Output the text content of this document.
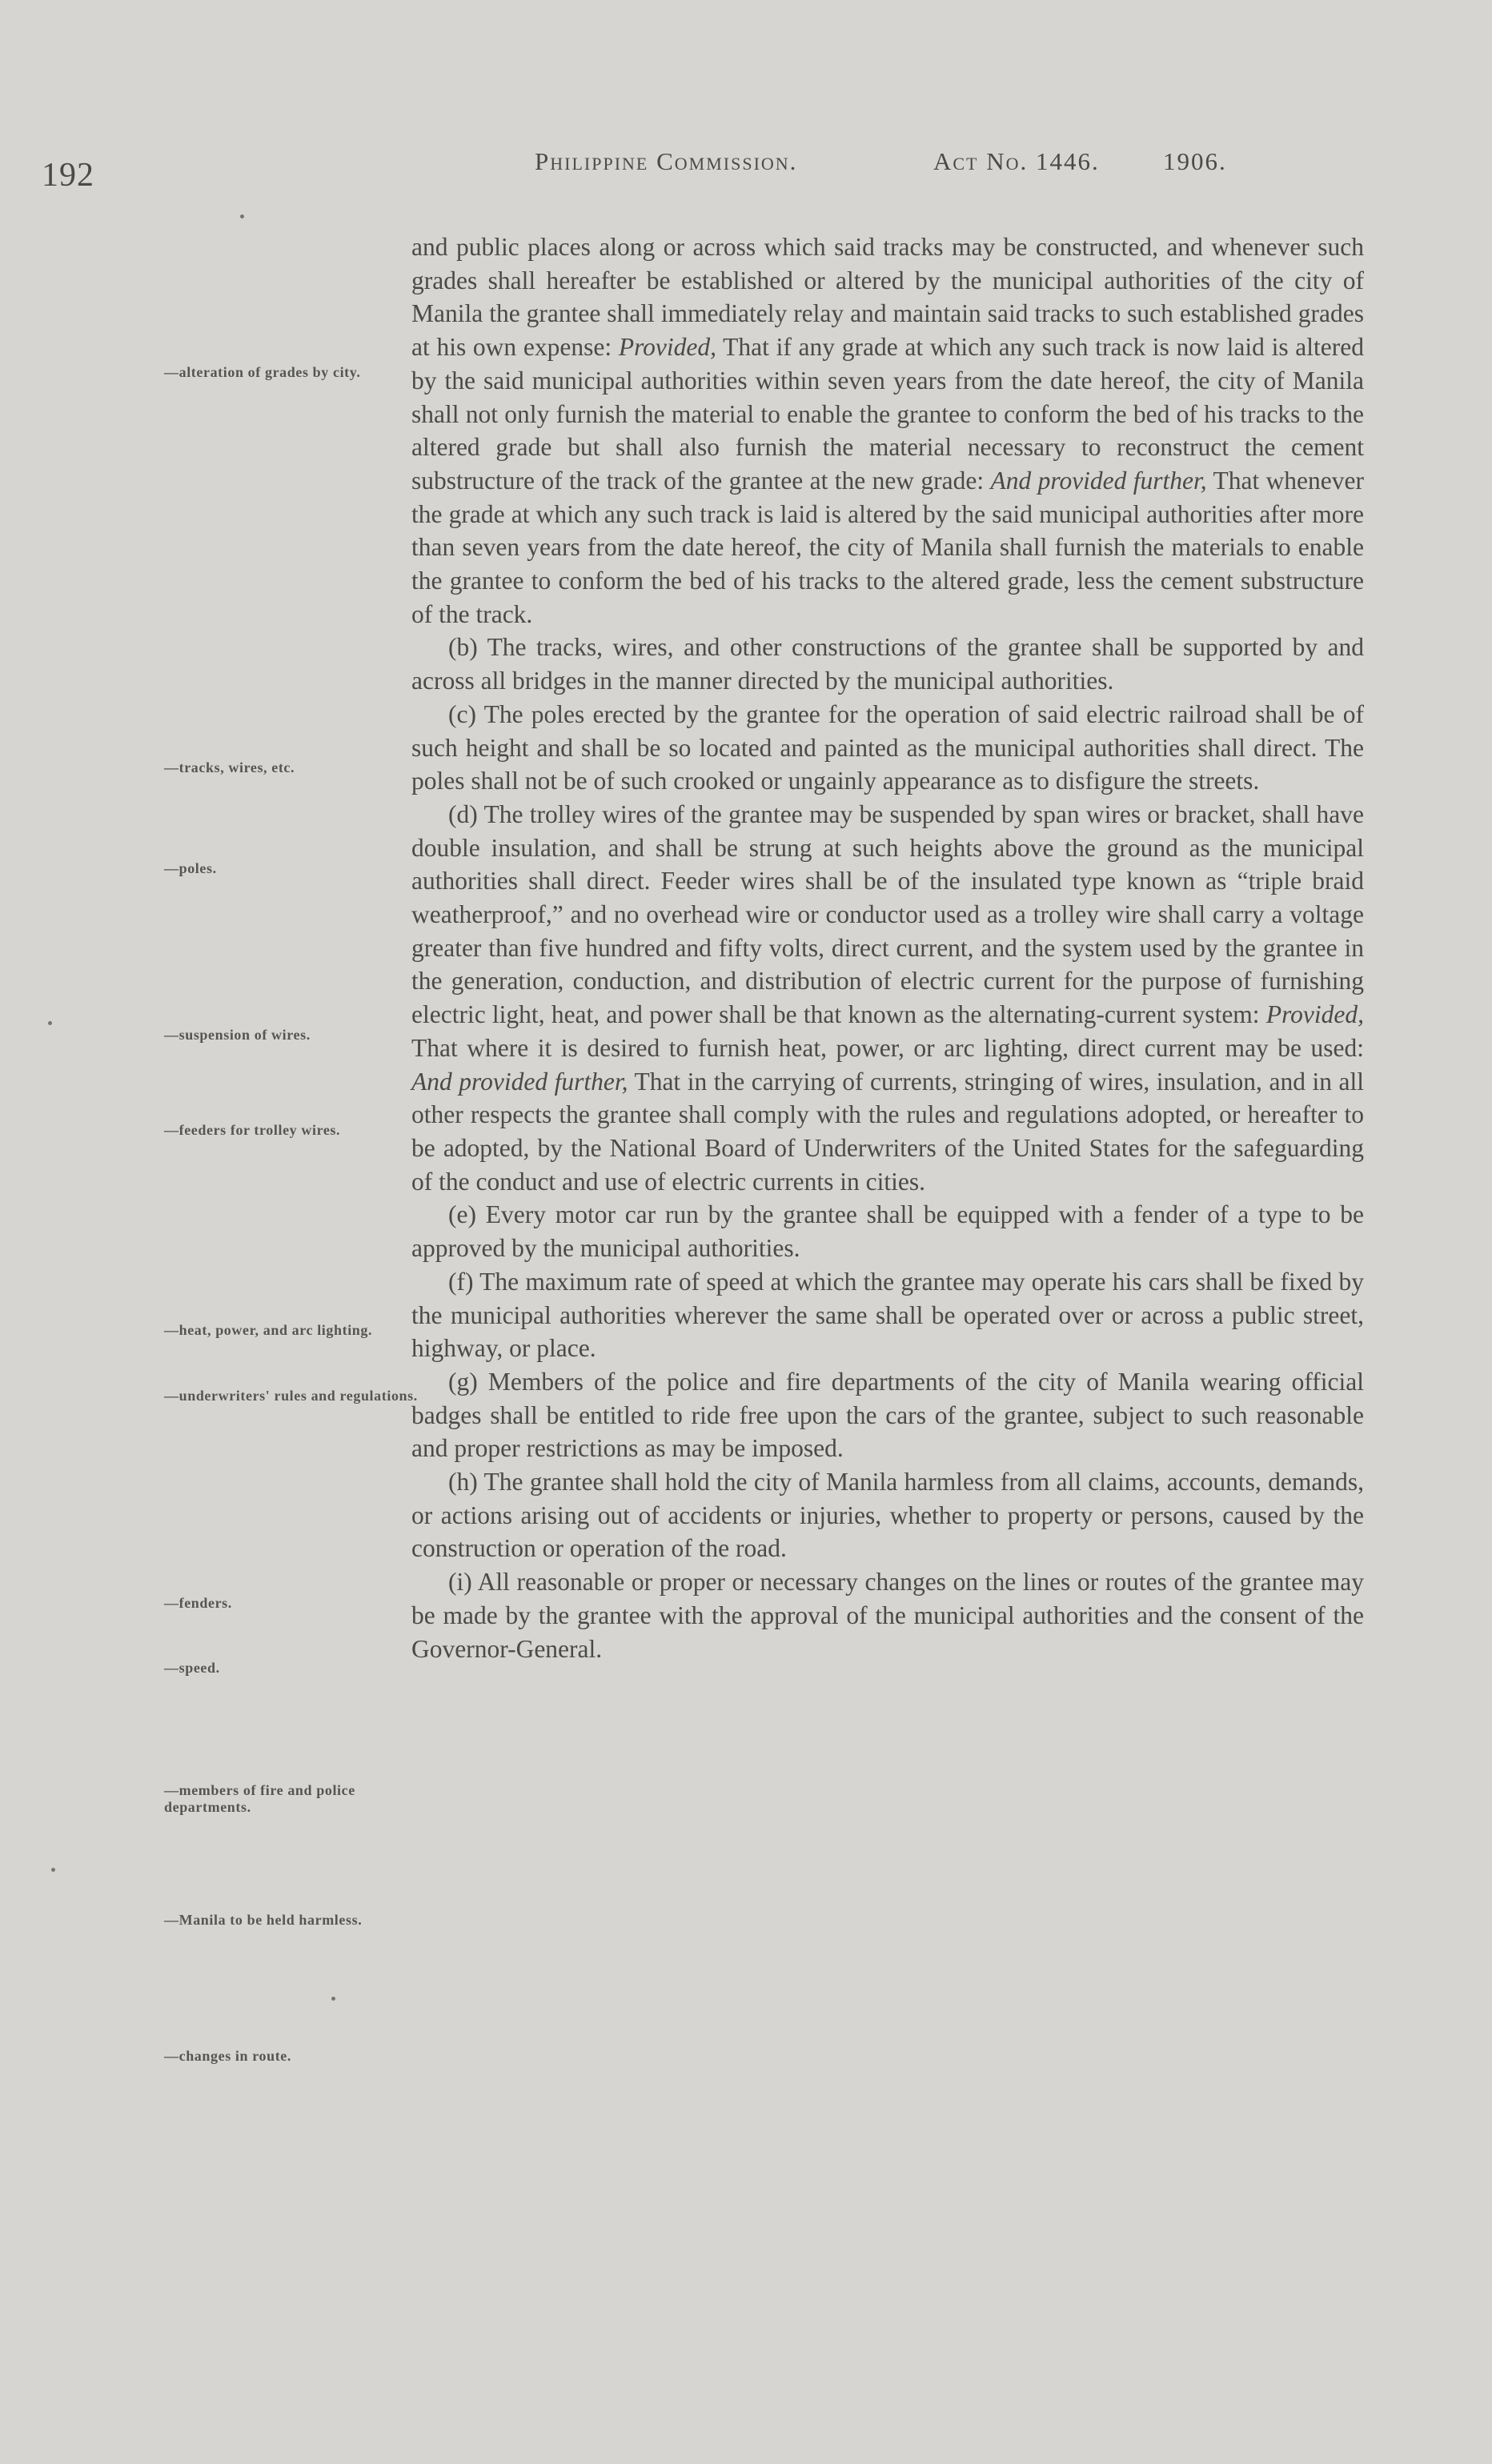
192	Philippine Commission.	Act No. 1446.	1906.
—alteration of grades by city.
—tracks, wires, etc.
—poles.
—suspension of wires.
—feeders for trolley wires.
—heat, power, and arc lighting.
—underwriters' rules and regulations.
—fenders.
—speed.
—members of fire and police departments.
—Manila to be held harmless.
—changes in route.

and public places along or across which said tracks may be constructed, and whenever such grades shall hereafter be established or altered by the municipal authorities of the city of Manila the grantee shall immediately relay and maintain said tracks to such established grades at his own expense: Provided, That if any grade at which any such track is now laid is altered by the said municipal authorities within seven years from the date hereof, the city of Manila shall not only furnish the material to enable the grantee to conform the bed of his tracks to the altered grade but shall also furnish the material necessary to reconstruct the cement substructure of the track of the grantee at the new grade: And provided further, That whenever the grade at which any such track is laid is altered by the said municipal authorities after more than seven years from the date hereof, the city of Manila shall furnish the materials to enable the grantee to conform the bed of his tracks to the altered grade, less the cement substructure of the track.

(b) The tracks, wires, and other constructions of the grantee shall be supported by and across all bridges in the manner directed by the municipal authorities.

(c) The poles erected by the grantee for the operation of said electric railroad shall be of such height and shall be so located and painted as the municipal authorities shall direct. The poles shall not be of such crooked or ungainly appearance as to disfigure the streets.

(d) The trolley wires of the grantee may be suspended by span wires or bracket, shall have double insulation, and shall be strung at such heights above the ground as the municipal authorities shall direct. Feeder wires shall be of the insulated type known as “triple braid weatherproof,” and no overhead wire or conductor used as a trolley wire shall carry a voltage greater than five hundred and fifty volts, direct current, and the system used by the grantee in the generation, conduction, and distribution of electric current for the purpose of furnishing electric light, heat, and power shall be that known as the alternating-current system: Provided, That where it is desired to furnish heat, power, or arc lighting, direct current may be used: And provided further, That in the carrying of currents, stringing of wires, insulation, and in all other respects the grantee shall comply with the rules and regulations adopted, or hereafter to be adopted, by the National Board of Underwriters of the United States for the safeguarding of the conduct and use of electric currents in cities.

(e) Every motor car run by the grantee shall be equipped with a fender of a type to be approved by the municipal authorities.

(f) The maximum rate of speed at which the grantee may operate his cars shall be fixed by the municipal authorities wherever the same shall be operated over or across a public street, highway, or place.

(g) Members of the police and fire departments of the city of Manila wearing official badges shall be entitled to ride free upon the cars of the grantee, subject to such reasonable and proper restrictions as may be imposed.

(h) The grantee shall hold the city of Manila harmless from all claims, accounts, demands, or actions arising out of accidents or injuries, whether to property or persons, caused by the construction or operation of the road.

(i) All reasonable or proper or necessary changes on the lines or routes of the grantee may be made by the grantee with the approval of the municipal authorities and the consent of the Governor-General.
